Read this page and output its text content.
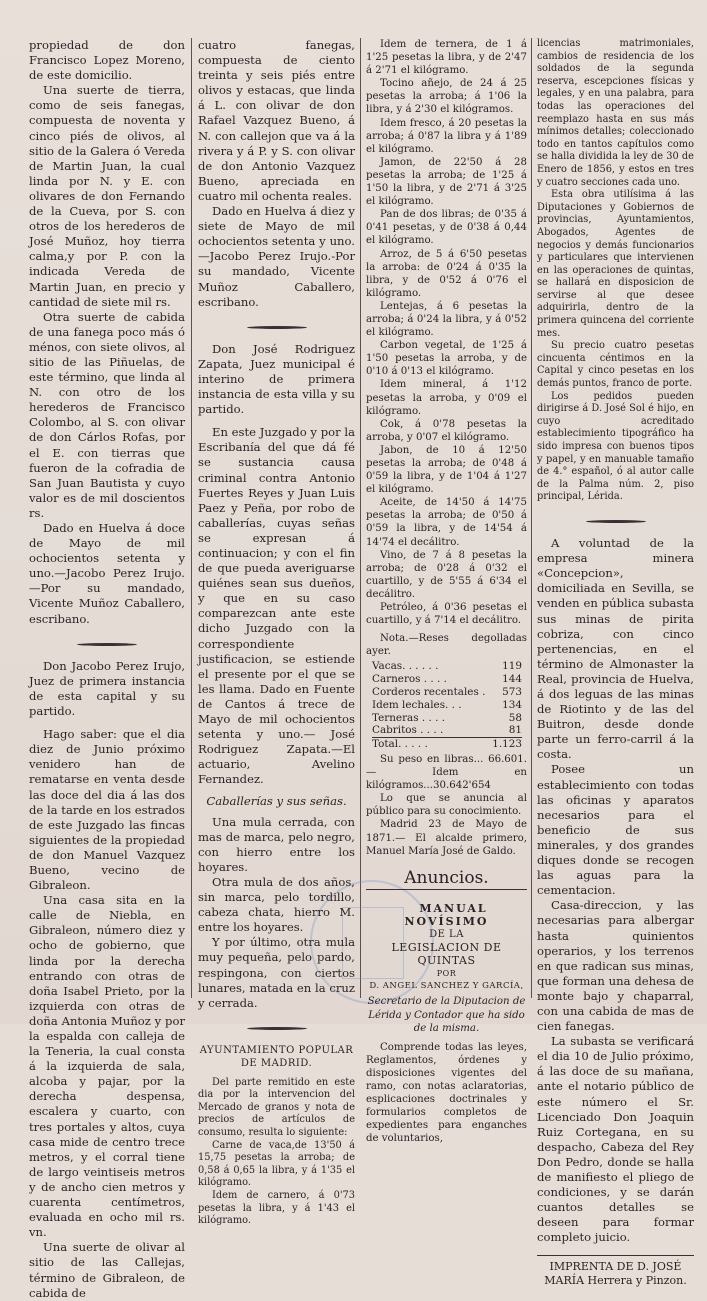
propiedad de don Francisco Lopez Moreno, de este domicilio.

Una suerte de tierra, como de seis fanegas, compuesta de noventa y cinco piés de olivos, al sitio de la Galera ó Vereda de Martin Juan, la cual linda por N. y E. con olivares de don Fernando de la Cueva, por S. con otros de los herederos de José Muñoz, hoy tierra calma,y por P. con la indicada Vereda de Martin Juan, en precio y cantidad de siete mil rs.

Otra suerte de cabida de una fanega poco más ó ménos, con siete olivos, al sitio de las Piñuelas, de este término, que linda al N. con otro de los herederos de Francisco Colombo, al S. con olivar de don Cárlos Rofas, por el E. con tierras que fueron de la cofradia de San Juan Bautista y cuyo valor es de mil doscientos rs.

Dado en Huelva á doce de Mayo de mil ochocientos setenta y uno.—Jacobo Perez Irujo.—Por su mandado, Vicente Muñoz Caballero, escribano.

Don Jacobo Perez Irujo, Juez de primera instancia de esta capital y su partido.

Hago saber: que el dia diez de Junio próximo venidero han de rematarse en venta desde las doce del dia á las dos de la tarde en los estrados de este Juzgado las fincas siguientes de la propiedad de don Manuel Vazquez Bueno, vecino de Gibraleon.

Una casa sita en la calle de Niebla, en Gibraleon, número diez y ocho de gobierno, que linda por la derecha entrando con otras de doña Isabel Prieto, por la izquierda con otras de doña Antonia Muñoz y por la espalda con calleja de la Teneria, la cual consta á la izquierda de sala, alcoba y pajar, por la derecha despensa, escalera y cuarto, con tres portales y altos, cuya casa mide de centro trece metros, y el corral tiene de largo veintiseis metros y de ancho cien metros y cuarenta centímetros, evaluada en ocho mil rs. vn.

Una suerte de olivar al sitio de las Callejas, término de Gibraleon, de cabida de

cuatro fanegas, compuesta de ciento treinta y seis piés entre olivos y estacas, que linda á L. con olivar de don Rafael Vazquez Bueno, á N. con callejon que va á la rivera y á P. y S. con olivar de don Antonio Vazquez Bueno, apreciada en cuatro mil ochenta reales.

Dado en Huelva á diez y siete de Mayo de mil ochocientos setenta y uno.—Jacobo Perez Irujo.-Por su mandado, Vicente Muñoz Caballero, escribano.

Don José Rodriguez Zapata, Juez municipal é interino de primera instancia de esta villa y su partido.

En este Juzgado y por la Escribanía del que dá fé se sustancia causa criminal contra Antonio Fuertes Reyes y Juan Luis Paez y Peña, por robo de caballerías, cuyas señas se expresan á continuacion; y con el fin de que pueda averiguarse quiénes sean sus dueños, y que en su caso comparezcan ante este dicho Juzgado con la correspondiente justificacion, se estiende el presente por el que se les llama. Dado en Fuente de Cantos á trece de Mayo de mil ochocientos setenta y uno.— José Rodriguez Zapata.—El actuario, Avelino Fernandez.

Caballerías y sus señas.

Una mula cerrada, con mas de marca, pelo negro, con hierro entre los hoyares.

Otra mula de dos años, sin marca, pelo tordillo, cabeza chata, hierro M. entre los hoyares.

Y por último, otra mula muy pequeña, pelo pardo, respingona, con ciertos lunares, matada en la cruz y cerrada.

AYUNTAMIENTO POPULAR

DE MADRID.

Del parte remitido en este dia por la intervencion del Mercado de granos y nota de precios de artículos de consumo, resulta lo siguiente:

Carne de vaca,de 13'50 á 15,75 pesetas la arroba; de 0,58 á 0,65 la libra, y á 1'35 el kilógramo.

Idem de carnero, á 0'73 pesetas la libra, y á 1'43 el kilógramo.

Idem de ternera, de 1 á 1'25 pesetas la libra, y de 2'47 á 2'71 el kilógramo.

Tocino añejo, de 24 á 25 pesetas la arroba; á 1'06 la libra, y á 2'30 el kilógramos.

Idem fresco, á 20 pesetas la arroba; á 0'87 la libra y á 1'89 el kilógramo.

Jamon, de 22'50 á 28 pesetas la arroba; de 1'25 á 1'50 la libra, y de 2'71 á 3'25 el kilógramo.

Pan de dos libras; de 0'35 á 0'41 pesetas, y de 0'38 á 0,44 el kilógramo.

Arroz, de 5 á 6'50 pesetas la arroba: de 0'24 á 0'35 la libra, y de 0'52 á 0'76 el kilógramo.

Lentejas, á 6 pesetas la arroba; á 0'24 la libra, y á 0'52 el kilógramo.

Carbon vegetal, de 1'25 á 1'50 pesetas la arroba, y de 0'10 á 0'13 el kilógramo.

Idem mineral, á 1'12 pesetas la arroba, y 0'09 el kilógramo.

Cok, á 0'78 pesetas la arroba, y 0'07 el kilógramo.

Jabon, de 10 á 12'50 pesetas la arroba; de 0'48 á 0'59 la libra, y de 1'04 á 1'27 el kilógramo.

Aceite, de 14'50 á 14'75 pesetas la arroba; de 0'50 á 0'59 la libra, y de 14'54 á 14'74 el decálitro.

Vino, de 7 á 8 pesetas la arroba; de 0'28 á 0'32 el cuartillo, y de 5'55 á 6'34 el decálitro.

Petróleo, á 0'36 pesetas el cuartillo, y á 7'14 el decálitro.

Nota.—Reses degolladas ayer.

Vacas. . . . . .	119
Carneros . . . .	144
Corderos recentales .	573
Idem lechales. . .	134
Terneras . . . .	58
Cabritos . . . .	81
Total. . . . .	1.123

Su peso en libras... 66.601.— Idem en kilógramos...30.642'654

Lo que se anuncia al público para su conocimiento.

Madrid 23 de Mayo de 1871.— El alcalde primero, Manuel María José de Galdo.

Anuncios.

MANUAL NOVÍSIMO

DE LA

LEGISLACION DE QUINTAS

POR

D. ANGEL SANCHEZ Y GARCÍA,

Secretario de la Diputacion de Lérida y Contador que ha sido de la misma.

Comprende todas las leyes, Reglamentos, órdenes y disposiciones vigentes del ramo, con notas aclaratorias, esplicaciones doctrinales y formularios completos de expedientes para enganches de voluntarios,

licencias matrimoniales, cambios de residencia de los soldados de la segunda reserva, escepciones físicas y legales, y en una palabra, para todas las operaciones del reemplazo hasta en sus más mínimos detalles; coleccionado todo en tantos capítulos como se halla dividida la ley de 30 de Enero de 1856, y estos en tres y cuatro secciones cada uno.

Esta obra utilísima á las Diputaciones y Gobiernos de provincias, Ayuntamientos, Abogados, Agentes de negocios y demás funcionarios y particulares que intervienen en las operaciones de quintas, se hallará en disposicion de servirse al que desee adquirirla, dentro de la primera quincena del corriente mes.

Su precio cuatro pesetas cincuenta céntimos en la Capital y cinco pesetas en los demás puntos, franco de porte.

Los pedidos pueden dirigirse á D. José Sol é hijo, en cuyo acreditado establecimiento tipográfico ha sido impresa con buenos tipos y papel, y en manuable tamaño de 4.° español, ó al autor calle de la Palma núm. 2, piso principal, Lérida.

A voluntad de la empresa minera «Concepcion», domiciliada en Sevilla, se venden en pública subasta sus minas de pirita cobriza, con cinco pertenencias, en el término de Almonaster la Real, provincia de Huelva, á dos leguas de las minas de Riotinto y de las del Buitron, desde donde parte un ferro-carril á la costa.

Posee un establecimiento con todas las oficinas y aparatos necesarios para el beneficio de sus minerales, y dos grandes diques donde se recogen las aguas para la cementacion.

Casa-direccion, y las necesarias para albergar hasta quinientos operarios, y los terrenos en que radican sus minas, que forman una dehesa de monte bajo y chaparral, con una cabida de mas de cien fanegas.

La subasta se verificará el dia 10 de Julio próximo, á las doce de su mañana, ante el notario público de este número el Sr. Licenciado Don Joaquin Ruiz Cortegana, en su despacho, Cabeza del Rey Don Pedro, donde se halla de manifiesto el pliego de condiciones, y se darán cuantos detalles se deseen para formar completo juicio.

IMPRENTA DE D. JOSÉ MARÍA Herrera y Pinzon.
